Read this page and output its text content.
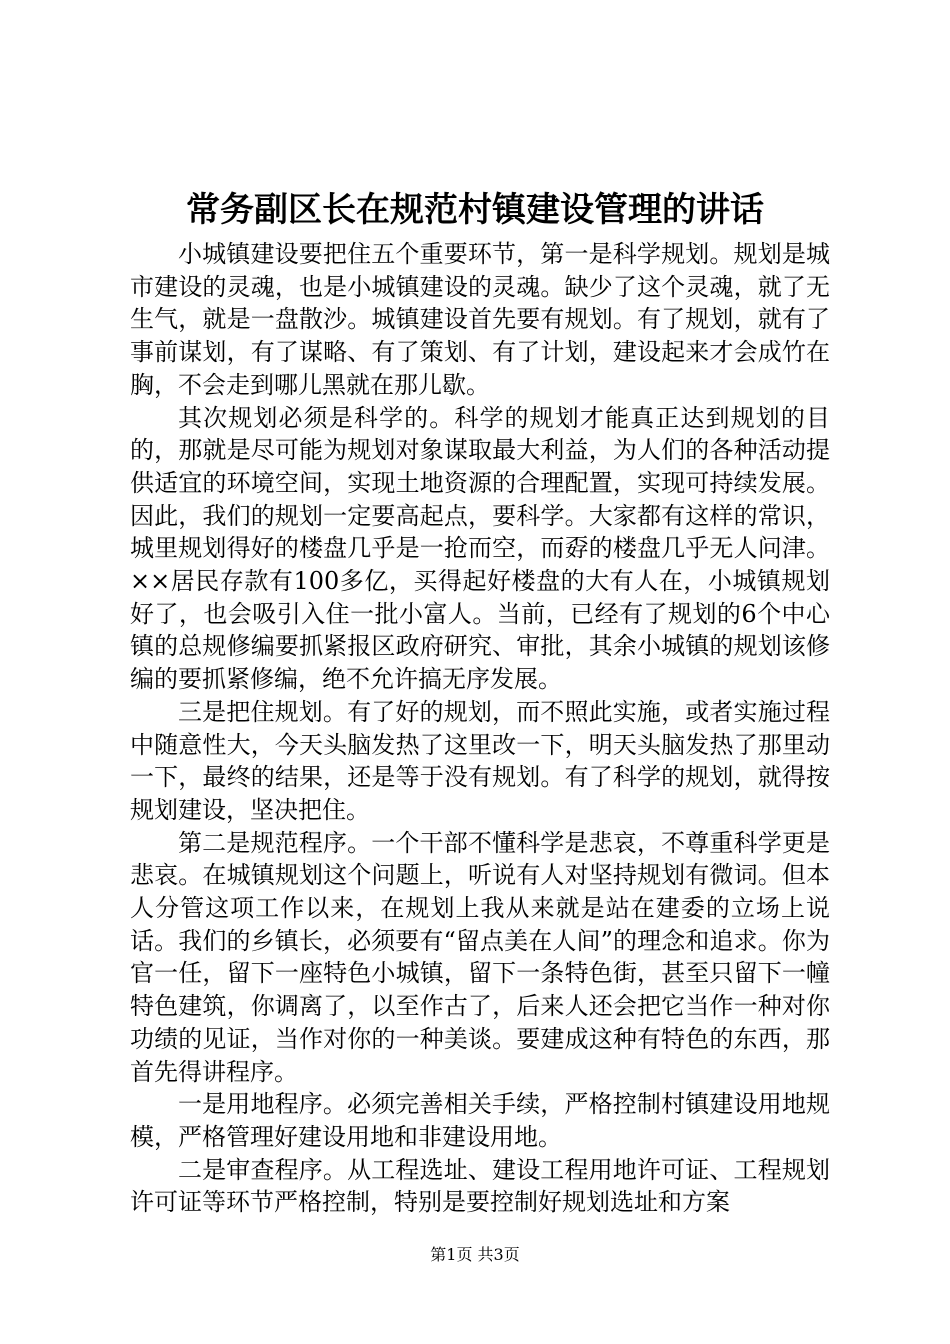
常务副区长在规范村镇建设管理的讲话

小城镇建设要把住五个重要环节，第一是科学规划。规划是城市建设的灵魂，也是小城镇建设的灵魂。缺少了这个灵魂，就了无生气，就是一盘散沙。城镇建设首先要有规划。有了规划，就有了事前谋划，有了谋略、有了策划、有了计划，建设起来才会成竹在胸，不会走到哪儿黑就在那儿歇。

其次规划必须是科学的。科学的规划才能真正达到规划的目的，那就是尽可能为规划对象谋取最大利益，为人们的各种活动提供适宜的环境空间，实现土地资源的合理配置，实现可持续发展。因此，我们的规划一定要高起点，要科学。大家都有这样的常识，城里规划得好的楼盘几乎是一抢而空，而孬的楼盘几乎无人问津。××居民存款有100多亿，买得起好楼盘的大有人在，小城镇规划好了，也会吸引入住一批小富人。当前，已经有了规划的6个中心镇的总规修编要抓紧报区政府研究、审批，其余小城镇的规划该修编的要抓紧修编，绝不允许搞无序发展。

三是把住规划。有了好的规划，而不照此实施，或者实施过程中随意性大，今天头脑发热了这里改一下，明天头脑发热了那里动一下，最终的结果，还是等于没有规划。有了科学的规划，就得按规划建设，坚决把住。

第二是规范程序。一个干部不懂科学是悲哀，不尊重科学更是悲哀。在城镇规划这个问题上，听说有人对坚持规划有微词。但本人分管这项工作以来，在规划上我从来就是站在建委的立场上说话。我们的乡镇长，必须要有“留点美在人间”的理念和追求。你为官一任，留下一座特色小城镇，留下一条特色街，甚至只留下一幢特色建筑，你调离了，以至作古了，后来人还会把它当作一种对你功绩的见证，当作对你的一种美谈。要建成这种有特色的东西，那首先得讲程序。

一是用地程序。必须完善相关手续，严格控制村镇建设用地规模，严格管理好建设用地和非建设用地。

二是审查程序。从工程选址、建设工程用地许可证、工程规划许可证等环节严格控制，特别是要控制好规划选址和方案

第1页 共3页
